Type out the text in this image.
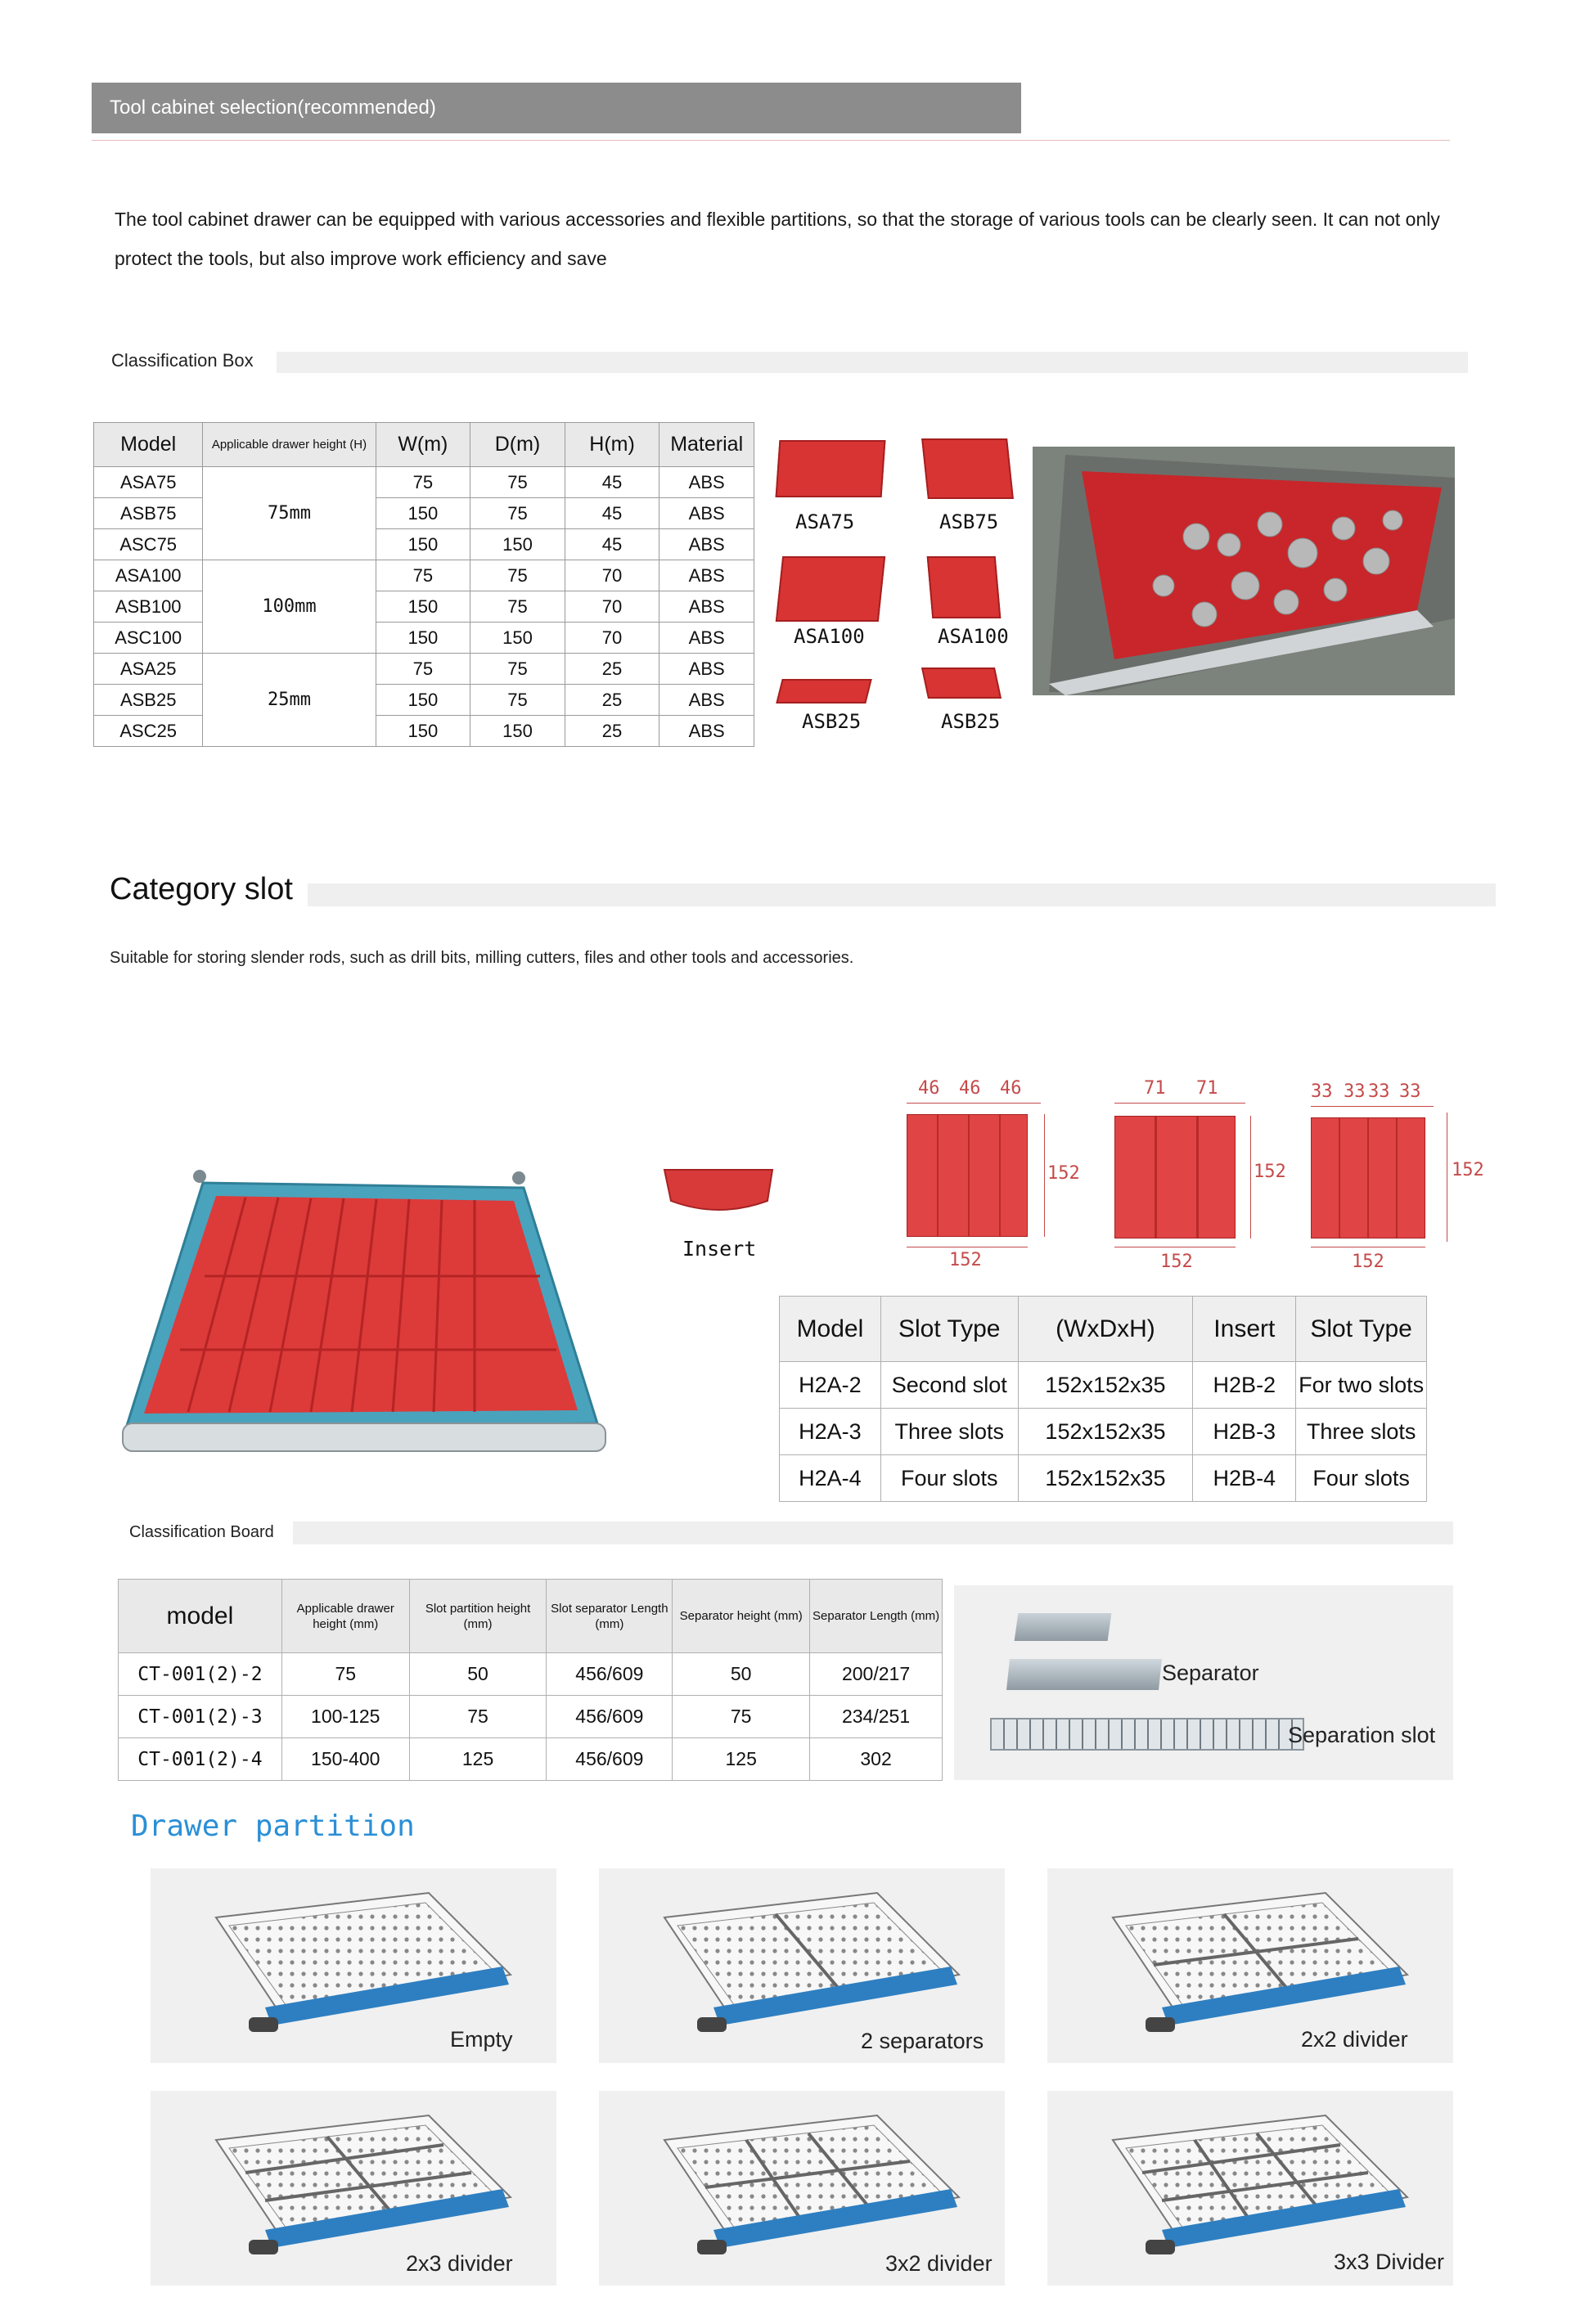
Tool cabinet selection(recommended)
The tool cabinet drawer can be equipped with various accessories and flexible partitions, so that the storage of various tools can be clearly seen. It can not only protect the tools, but also improve work efficiency and save
Classification Box
Model	Applicable drawer height (H)	W(m)	D(m)	H(m)	Material
ASA75	75mm	75	75	45	ABS
ASB75		150	75	45	ABS
ASC75		150	150	45	ABS
ASA100	100mm	75	75	70	ABS
ASB100		150	75	70	ABS
ASC100		150	150	70	ABS
ASA25	25mm	75	75	25	ABS
ASB25		150	75	25	ABS
ASC25		150	150	25	ABS
ASA75	ASB75
ASA100	ASA100
ASB25	ASB25
Category slot
Suitable for storing slender rods, such as drill bits, milling cutters, files and other tools and accessories.
Insert
46 46 46
152
152
71 71
152
152
33 33 33 33
152
152
Model	Slot Type	(WxDxH)	Insert	Slot Type
H2A-2	Second slot	152x152x35	H2B-2	For two slots
H2A-3	Three slots	152x152x35	H2B-3	Three slots
H2A-4	Four slots	152x152x35	H2B-4	Four slots
Classification Board
model	Applicable drawer height (mm)	Slot partition height (mm)	Slot separator Length (mm)	Separator height (mm)	Separator Length (mm)
CT-001(2)-2	75	50	456/609	50	200/217
CT-001(2)-3	100-125	75	456/609	75	234/251
CT-001(2)-4	150-400	125	456/609	125	302
Separator
Separation slot
Drawer partition
Empty	2 separators	2x2 divider
2x3 divider	3x2 divider	3x3 Divider
